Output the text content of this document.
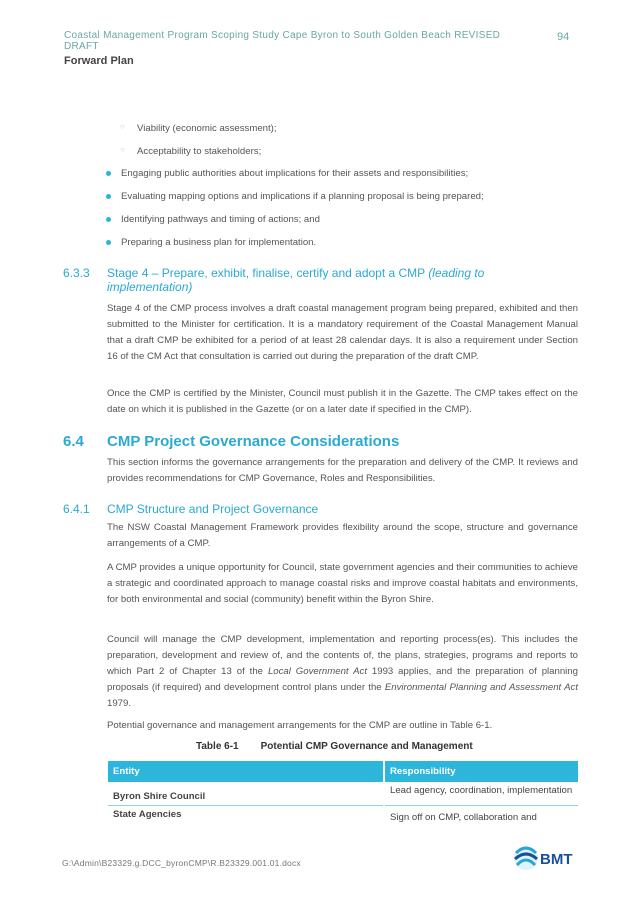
Coastal Management Program Scoping Study Cape Byron to South Golden Beach REVISED DRAFT
94
Forward Plan
○ Viability (economic assessment);
○ Acceptability to stakeholders;
Engaging public authorities about implications for their assets and responsibilities;
Evaluating mapping options and implications if a planning proposal is being prepared;
Identifying pathways and timing of actions; and
Preparing a business plan for implementation.
6.3.3 Stage 4 – Prepare, exhibit, finalise, certify and adopt a CMP (leading to implementation)
Stage 4 of the CMP process involves a draft coastal management program being prepared, exhibited and then submitted to the Minister for certification. It is a mandatory requirement of the Coastal Management Manual that a draft CMP be exhibited for a period of at least 28 calendar days. It is also a requirement under Section 16 of the CM Act that consultation is carried out during the preparation of the draft CMP.
Once the CMP is certified by the Minister, Council must publish it in the Gazette. The CMP takes effect on the date on which it is published in the Gazette (or on a later date if specified in the CMP).
6.4 CMP Project Governance Considerations
This section informs the governance arrangements for the preparation and delivery of the CMP. It reviews and provides recommendations for CMP Governance, Roles and Responsibilities.
6.4.1 CMP Structure and Project Governance
The NSW Coastal Management Framework provides flexibility around the scope, structure and governance arrangements of a CMP.
A CMP provides a unique opportunity for Council, state government agencies and their communities to achieve a strategic and coordinated approach to manage coastal risks and improve coastal habitats and environments, for both environmental and social (community) benefit within the Byron Shire.
Council will manage the CMP development, implementation and reporting process(es). This includes the preparation, development and review of, and the contents of, the plans, strategies, programs and reports to which Part 2 of Chapter 13 of the Local Government Act 1993 applies, and the preparation of planning proposals (if required) and development control plans under the Environmental Planning and Assessment Act 1979.
Potential governance and management arrangements for the CMP are outline in Table 6-1.
Table 6-1 Potential CMP Governance and Management
Entity	Responsibility
Byron Shire Council	Lead agency, coordination, implementation
State Agencies	Sign off on CMP, collaboration and
G:\Admin\B23329.g.DCC_byronCMP\R.B23329.001.01.docx	BMT
